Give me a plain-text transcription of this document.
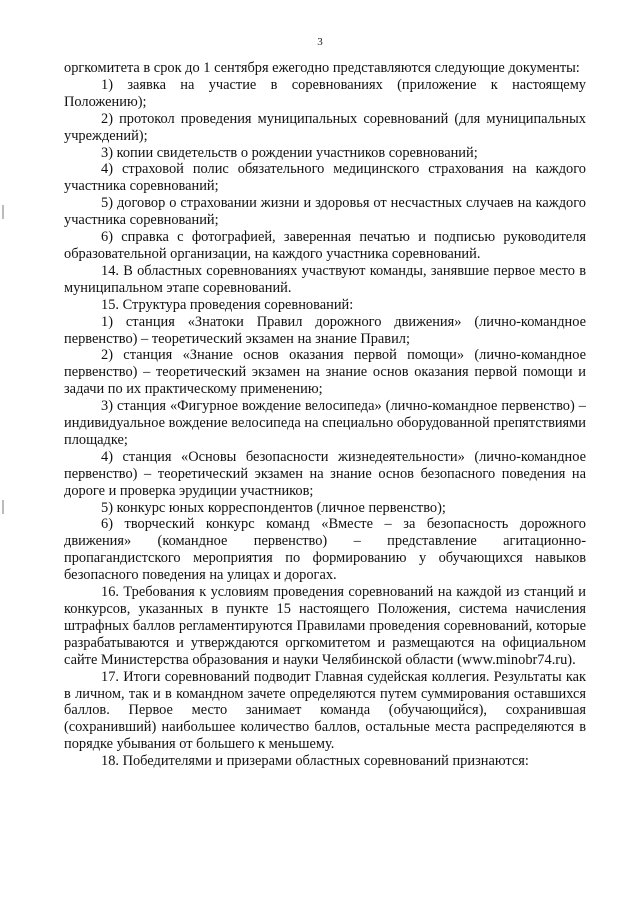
3

оргкомитета в срок до 1 сентября ежегодно представляются следующие документы:

1) заявка на участие в соревнованиях (приложение к настоящему Положению);

2) протокол проведения муниципальных соревнований (для муниципальных учреждений);

3) копии свидетельств о рождении участников соревнований;

4) страховой полис обязательного медицинского страхования на каждого участника соревнований;

5) договор о страховании жизни и здоровья от несчастных случаев на каждого участника соревнований;

6) справка с фотографией, заверенная печатью и подписью руководителя образовательной организации, на каждого участника соревнований.

14. В областных соревнованиях участвуют команды, занявшие первое место в муниципальном этапе соревнований.

15. Структура проведения соревнований:

1) станция «Знатоки Правил дорожного движения» (лично-командное первенство) – теоретический экзамен на знание Правил;

2) станция «Знание основ оказания первой помощи» (лично-командное первенство) – теоретический экзамен на знание основ оказания первой помощи и задачи по их практическому применению;

3) станция «Фигурное вождение велосипеда» (лично-командное первенство) – индивидуальное вождение велосипеда на специально оборудованной препятствиями площадке;

4) станция «Основы безопасности жизнедеятельности» (лично-командное первенство) – теоретический экзамен на знание основ безопасного поведения на дороге и проверка эрудиции участников;

5) конкурс юных корреспондентов (личное первенство);

6) творческий конкурс команд «Вместе – за безопасность дорожного движения» (командное первенство) – представление агитационно-пропагандистского мероприятия по формированию у обучающихся навыков безопасного поведения на улицах и дорогах.

16. Требования к условиям проведения соревнований на каждой из станций и конкурсов, указанных в пункте 15 настоящего Положения, система начисления штрафных баллов регламентируются Правилами проведения соревнований, которые разрабатываются и утверждаются оргкомитетом и размещаются на официальном сайте Министерства образования и науки Челябинской области (www.minobr74.ru).

17. Итоги соревнований подводит Главная судейская коллегия. Результаты как в личном, так и в командном зачете определяются путем суммирования оставшихся баллов. Первое место занимает команда (обучающийся), сохранившая (сохранивший) наибольшее количество баллов, остальные места распределяются в порядке убывания от большего к меньшему.

18. Победителями и призерами областных соревнований признаются:
